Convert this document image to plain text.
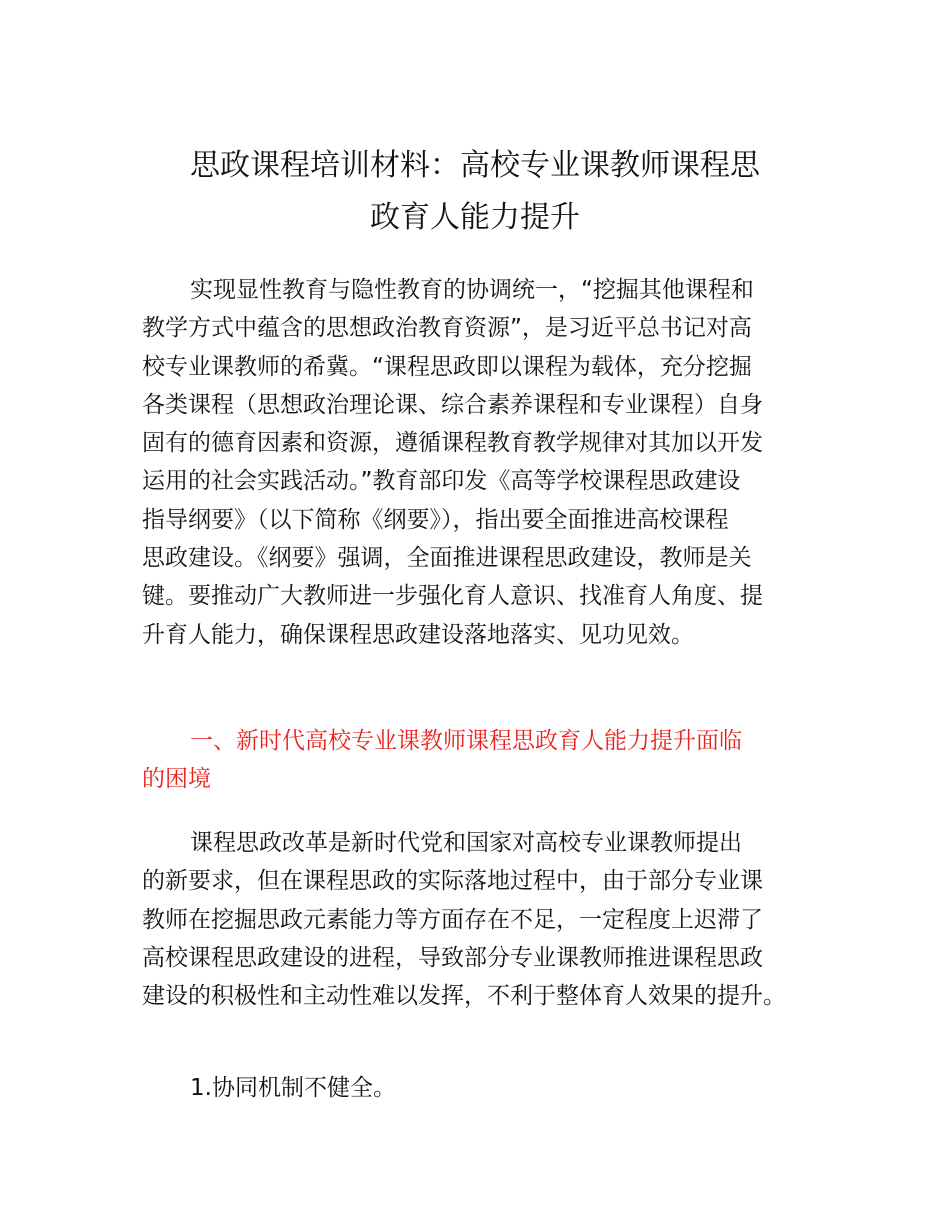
思政课程培训材料：高校专业课教师课程思
政育人能力提升
实现显性教育与隐性教育的协调统一，“挖掘其他课程和
教学方式中蕴含的思想政治教育资源”，是习近平总书记对高
校专业课教师的希冀。“课程思政即以课程为载体，充分挖掘
各类课程（思想政治理论课、综合素养课程和专业课程）自身
固有的德育因素和资源，遵循课程教育教学规律对其加以开发
运用的社会实践活动。”教育部印发《高等学校课程思政建设
指导纲要》（以下简称《纲要》），指出要全面推进高校课程
思政建设。《纲要》强调，全面推进课程思政建设，教师是关
键。要推动广大教师进一步强化育人意识、找准育人角度、提
升育人能力，确保课程思政建设落地落实、见功见效。
一、新时代高校专业课教师课程思政育人能力提升面临
的困境
课程思政改革是新时代党和国家对高校专业课教师提出
的新要求，但在课程思政的实际落地过程中，由于部分专业课
教师在挖掘思政元素能力等方面存在不足，一定程度上迟滞了
高校课程思政建设的进程，导致部分专业课教师推进课程思政
建设的积极性和主动性难以发挥，不利于整体育人效果的提升。
1.协同机制不健全。
